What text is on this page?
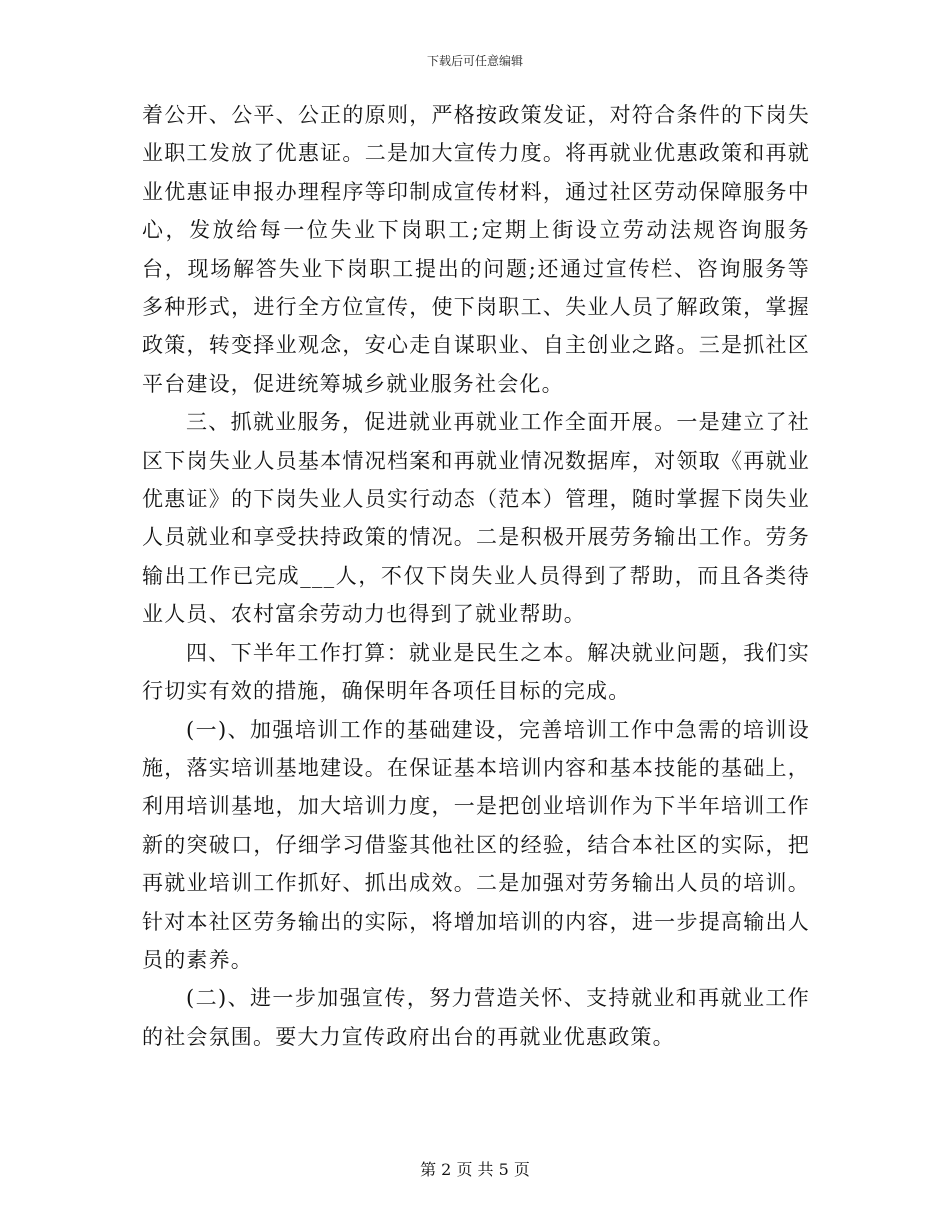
下载后可任意编辑

着公开、公平、公正的原则，严格按政策发证，对符合条件的下岗失业职工发放了优惠证。二是加大宣传力度。将再就业优惠政策和再就业优惠证申报办理程序等印制成宣传材料，通过社区劳动保障服务中心，发放给每一位失业下岗职工;定期上街设立劳动法规咨询服务台，现场解答失业下岗职工提出的问题;还通过宣传栏、咨询服务等多种形式，进行全方位宣传，使下岗职工、失业人员了解政策，掌握政策，转变择业观念，安心走自谋职业、自主创业之路。三是抓社区平台建设，促进统筹城乡就业服务社会化。

三、抓就业服务，促进就业再就业工作全面开展。一是建立了社区下岗失业人员基本情况档案和再就业情况数据库，对领取《再就业优惠证》的下岗失业人员实行动态（范本）管理，随时掌握下岗失业人员就业和享受扶持政策的情况。二是积极开展劳务输出工作。劳务输出工作已完成___人，不仅下岗失业人员得到了帮助，而且各类待业人员、农村富余劳动力也得到了就业帮助。

四、下半年工作打算：就业是民生之本。解决就业问题，我们实行切实有效的措施，确保明年各项任目标的完成。

(一)、加强培训工作的基础建设，完善培训工作中急需的培训设施，落实培训基地建设。在保证基本培训内容和基本技能的基础上，利用培训基地，加大培训力度，一是把创业培训作为下半年培训工作新的突破口，仔细学习借鉴其他社区的经验，结合本社区的实际，把再就业培训工作抓好、抓出成效。二是加强对劳务输出人员的培训。针对本社区劳务输出的实际，将增加培训的内容，进一步提高输出人员的素养。

(二)、进一步加强宣传，努力营造关怀、支持就业和再就业工作的社会氛围。要大力宣传政府出台的再就业优惠政策。

第 2 页 共 5 页
